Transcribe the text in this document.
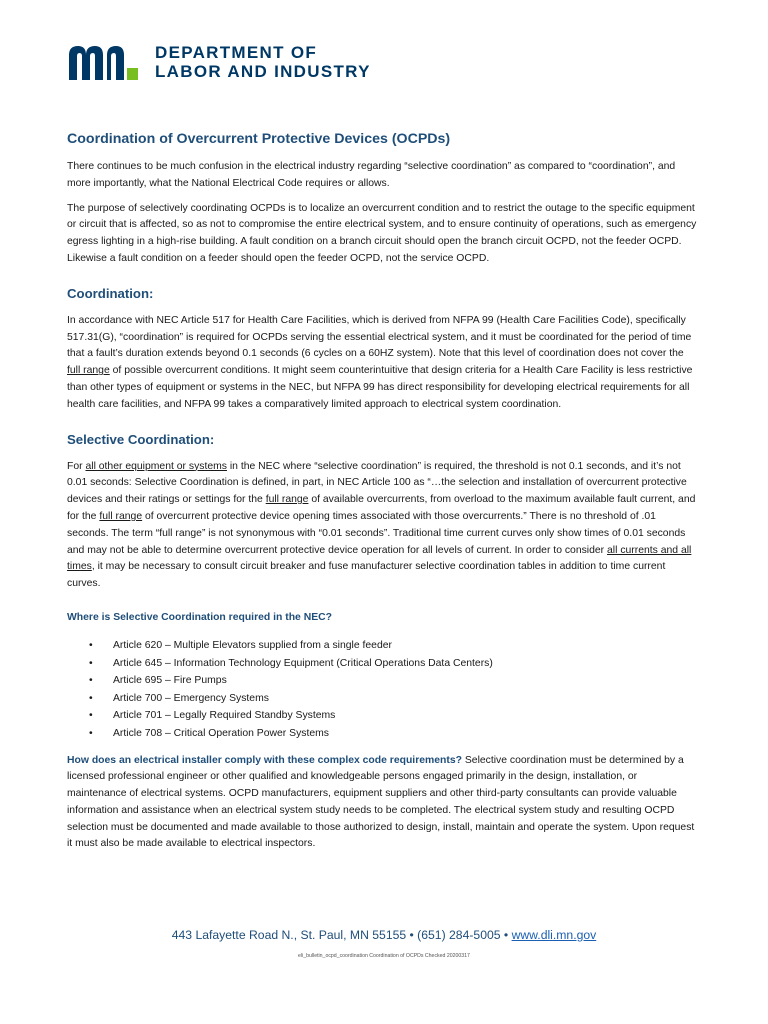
DEPARTMENT OF
LABOR AND INDUSTRY
Coordination of Overcurrent Protective Devices (OCPDs)

There continues to be much confusion in the electrical industry regarding “selective coordination” as compared to “coordination”, and more importantly, what the National Electrical Code requires or allows.

The purpose of selectively coordinating OCPDs is to localize an overcurrent condition and to restrict the outage to the specific equipment or circuit that is affected, so as not to compromise the entire electrical system, and to ensure continuity of operations, such as emergency egress lighting in a high-rise building. A fault condition on a branch circuit should open the branch circuit OCPD, not the feeder OCPD. Likewise a fault condition on a feeder should open the feeder OCPD, not the service OCPD.

Coordination:

In accordance with NEC Article 517 for Health Care Facilities, which is derived from NFPA 99 (Health Care Facilities Code), specifically 517.31(G), “coordination” is required for OCPDs serving the essential electrical system, and it must be coordinated for the period of time that a fault’s duration extends beyond 0.1 seconds (6 cycles on a 60HZ system). Note that this level of coordination does not cover the full range of possible overcurrent conditions. It might seem counterintuitive that design criteria for a Health Care Facility is less restrictive than other types of equipment or systems in the NEC, but NFPA 99 has direct responsibility for developing electrical requirements for all health care facilities, and NFPA 99 takes a comparatively limited approach to electrical system coordination.

Selective Coordination:

For all other equipment or systems in the NEC where “selective coordination” is required, the threshold is not 0.1 seconds, and it’s not 0.01 seconds: Selective Coordination is defined, in part, in NEC Article 100 as “…the selection and installation of overcurrent protective devices and their ratings or settings for the full range of available overcurrents, from overload to the maximum available fault current, and for the full range of overcurrent protective device opening times associated with those overcurrents.” There is no threshold of .01 seconds. The term “full range” is not synonymous with “0.01 seconds”. Traditional time current curves only show times of 0.01 seconds and may not be able to determine overcurrent protective device operation for all levels of current. In order to consider all currents and all times, it may be necessary to consult circuit breaker and fuse manufacturer selective coordination tables in addition to time current curves.

Where is Selective Coordination required in the NEC?
• Article 620 – Multiple Elevators supplied from a single feeder
• Article 645 – Information Technology Equipment (Critical Operations Data Centers)
• Article 695 – Fire Pumps
• Article 700 – Emergency Systems
• Article 701 – Legally Required Standby Systems
• Article 708 – Critical Operation Power Systems

How does an electrical installer comply with these complex code requirements? Selective coordination must be determined by a licensed professional engineer or other qualified and knowledgeable persons engaged primarily in the design, installation, or maintenance of electrical systems. OCPD manufacturers, equipment suppliers and other third-party consultants can provide valuable information and assistance when an electrical system study needs to be completed. The electrical system study and resulting OCPD selection must be documented and made available to those authorized to design, install, maintain and operate the system. Upon request it must also be made available to electrical inspectors.

443 Lafayette Road N., St. Paul, MN 55155 • (651) 284-5005 • www.dli.mn.gov
eli_bulletin_ocpd_coordination Coordination of OCPDs Checked 20200317
